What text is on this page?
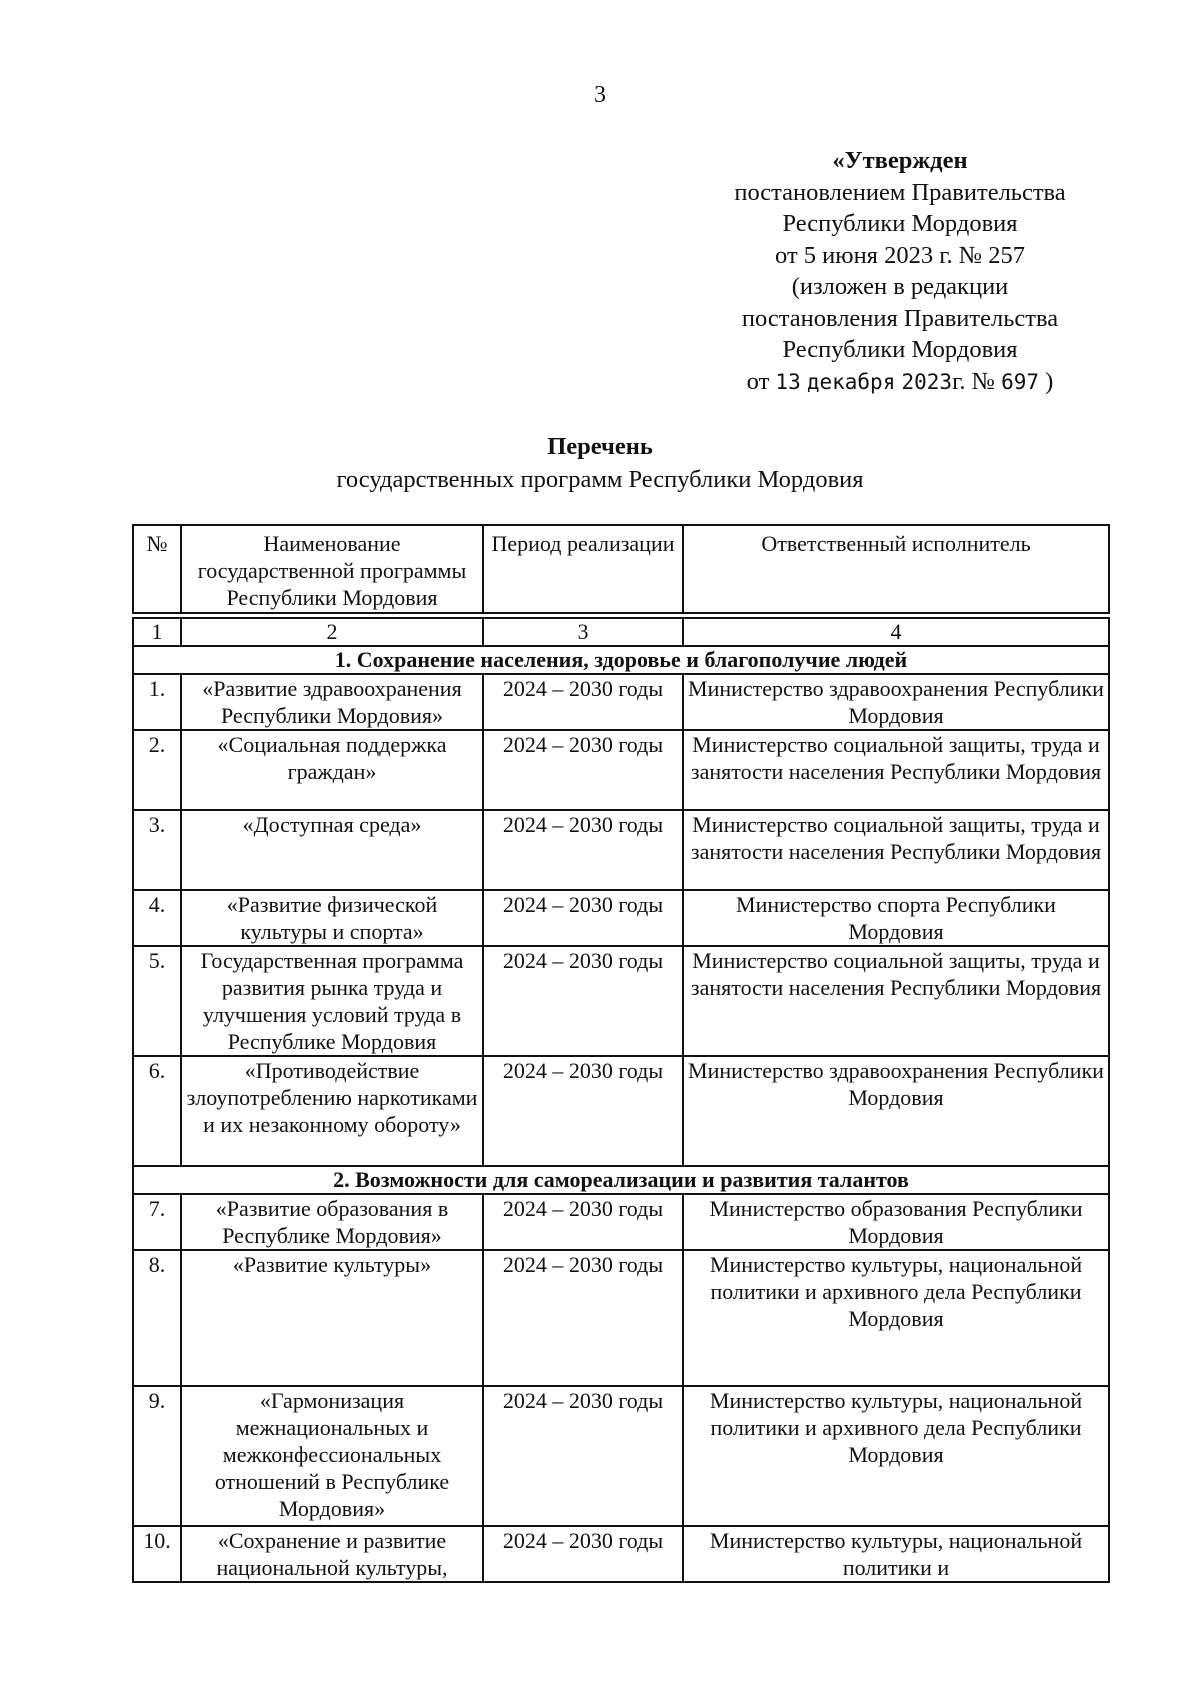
3
«Утвержден
постановлением Правительства
Республики Мордовия
от 5 июня 2023 г. № 257
(изложен в редакции
постановления Правительства
Республики Мордовия
от 13 декабря 2023г. № 697 )
Перечень
государственных программ Республики Мордовия
№	Наименование государственной программы Республики Мордовия	Период реализации	Ответственный исполнитель
1	2	3	4
1. Сохранение населения, здоровье и благополучие людей			
1.	«Развитие здравоохранения Республики Мордовия»	2024 – 2030 годы	Министерство здравоохранения Республики Мордовия
2.	«Социальная поддержка граждан»	2024 – 2030 годы	Министерство социальной защиты, труда и занятости населения Республики Мордовия
3.	«Доступная среда»	2024 – 2030 годы	Министерство социальной защиты, труда и занятости населения Республики Мордовия
4.	«Развитие физической культуры и спорта»	2024 – 2030 годы	Министерство спорта Республики Мордовия
5.	Государственная программа развития рынка труда и улучшения условий труда в Республике Мордовия	2024 – 2030 годы	Министерство социальной защиты, труда и занятости населения Республики Мордовия
6.	«Противодействие злоупотреблению наркотиками и их незаконному обороту»	2024 – 2030 годы	Министерство здравоохранения Республики Мордовия
2. Возможности для самореализации и развития талантов			
7.	«Развитие образования в Республике Мордовия»	2024 – 2030 годы	Министерство образования Республики Мордовия
8.	«Развитие культуры»	2024 – 2030 годы	Министерство культуры, национальной политики и архивного дела Республики Мордовия
9.	«Гармонизация межнациональных и межконфессиональных отношений в Республике Мордовия»	2024 – 2030 годы	Министерство культуры, национальной политики и архивного дела Республики Мордовия
10.	«Сохранение и развитие национальной культуры,	2024 – 2030 годы	Министерство культуры, национальной политики и
